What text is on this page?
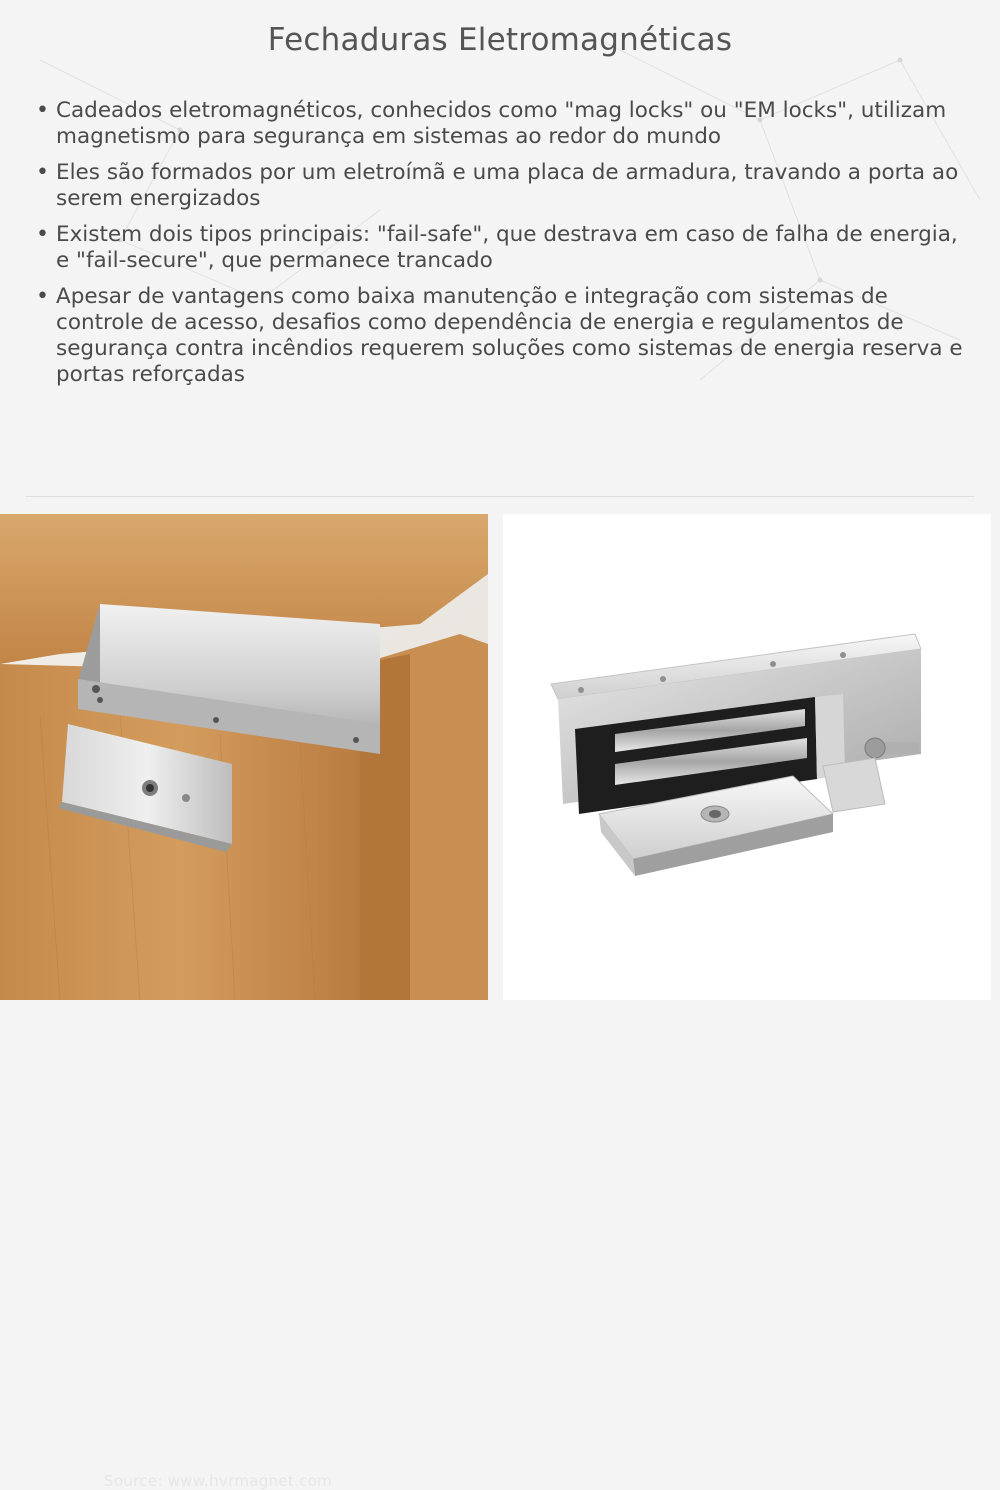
Fechaduras Eletromagnéticas
• Cadeados eletromagnéticos, conhecidos como "mag locks" ou "EM locks", utilizam magnetismo para segurança em sistemas ao redor do mundo
• Eles são formados por um eletroímã e uma placa de armadura, travando a porta ao serem energizados
• Existem dois tipos principais: "fail-safe", que destrava em caso de falha de energia, e "fail-secure", que permanece trancado
• Apesar de vantagens como baixa manutenção e integração com sistemas de controle de acesso, desafios como dependência de energia e regulamentos de segurança contra incêndios requerem soluções como sistemas de energia reserva e portas reforçadas
Source: www.hvrmagnet.com
